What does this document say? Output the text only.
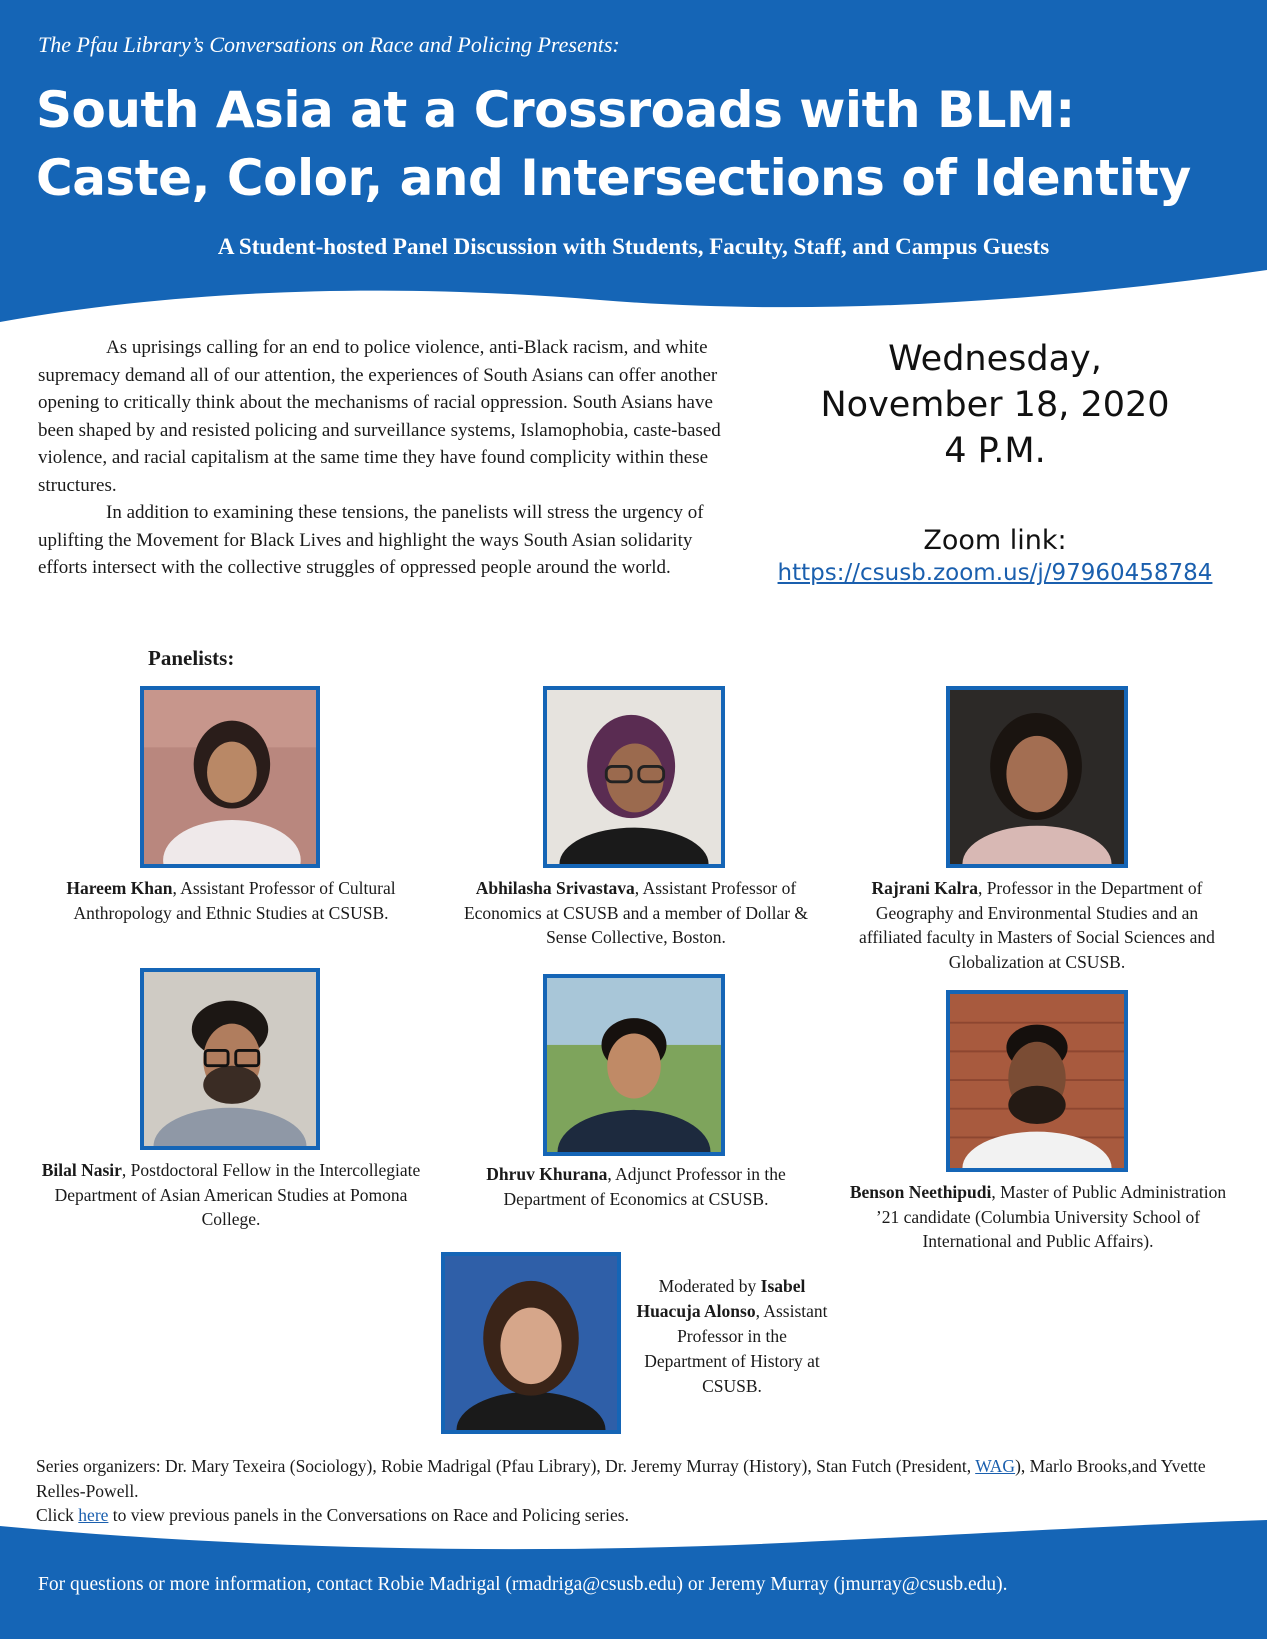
The Pfau Library’s Conversations on Race and Policing Presents:

South Asia at a Crossroads with BLM:
Caste, Color, and Intersections of Identity

A Student-hosted Panel Discussion with Students, Faculty, Staff, and Campus Guests

As uprisings calling for an end to police violence, anti-Black racism, and white supremacy demand all of our attention, the experiences of South Asians can offer another opening to critically think about the mechanisms of racial oppression. South Asians have been shaped by and resisted policing and surveillance systems, Islamophobia, caste-based violence, and racial capitalism at the same time they have found complicity within these structures.

In addition to examining these tensions, the panelists will stress the urgency of uplifting the Movement for Black Lives and highlight the ways South Asian solidarity efforts intersect with the collective struggles of oppressed people around the world.

Wednesday,
November 18, 2020
4 P.M.
Zoom link:
https://csusb.zoom.us/j/97960458784
Panelists:
Hareem Khan, Assistant Professor of Cultural Anthropology and Ethnic Studies at CSUSB.
Abhilasha Srivastava, Assistant Professor of Economics at CSUSB and a member of Dollar & Sense Collective, Boston.
Rajrani Kalra, Professor in the Department of Geography and Environmental Studies and an affiliated faculty in Masters of Social Sciences and Globalization at CSUSB.
Bilal Nasir, Postdoctoral Fellow in the Intercollegiate Department of Asian American Studies at Pomona College.
Dhruv Khurana, Adjunct Professor in the Department of Economics at CSUSB.	Benson Neethipudi, Master of Public Administration ’21 candidate (Columbia University School of International and Public Affairs).
Moderated by Isabel Huacuja Alonso, Assistant Professor in the Department of History at CSUSB.
Series organizers: Dr. Mary Texeira (Sociology), Robie Madrigal (Pfau Library), Dr. Jeremy Murray (History), Stan Futch (President, WAG), Marlo Brooks,and Yvette Relles-Powell.
Click here to view previous panels in the Conversations on Race and Policing series.

For questions or more information, contact Robie Madrigal (rmadriga@csusb.edu) or Jeremy Murray (jmurray@csusb.edu).
